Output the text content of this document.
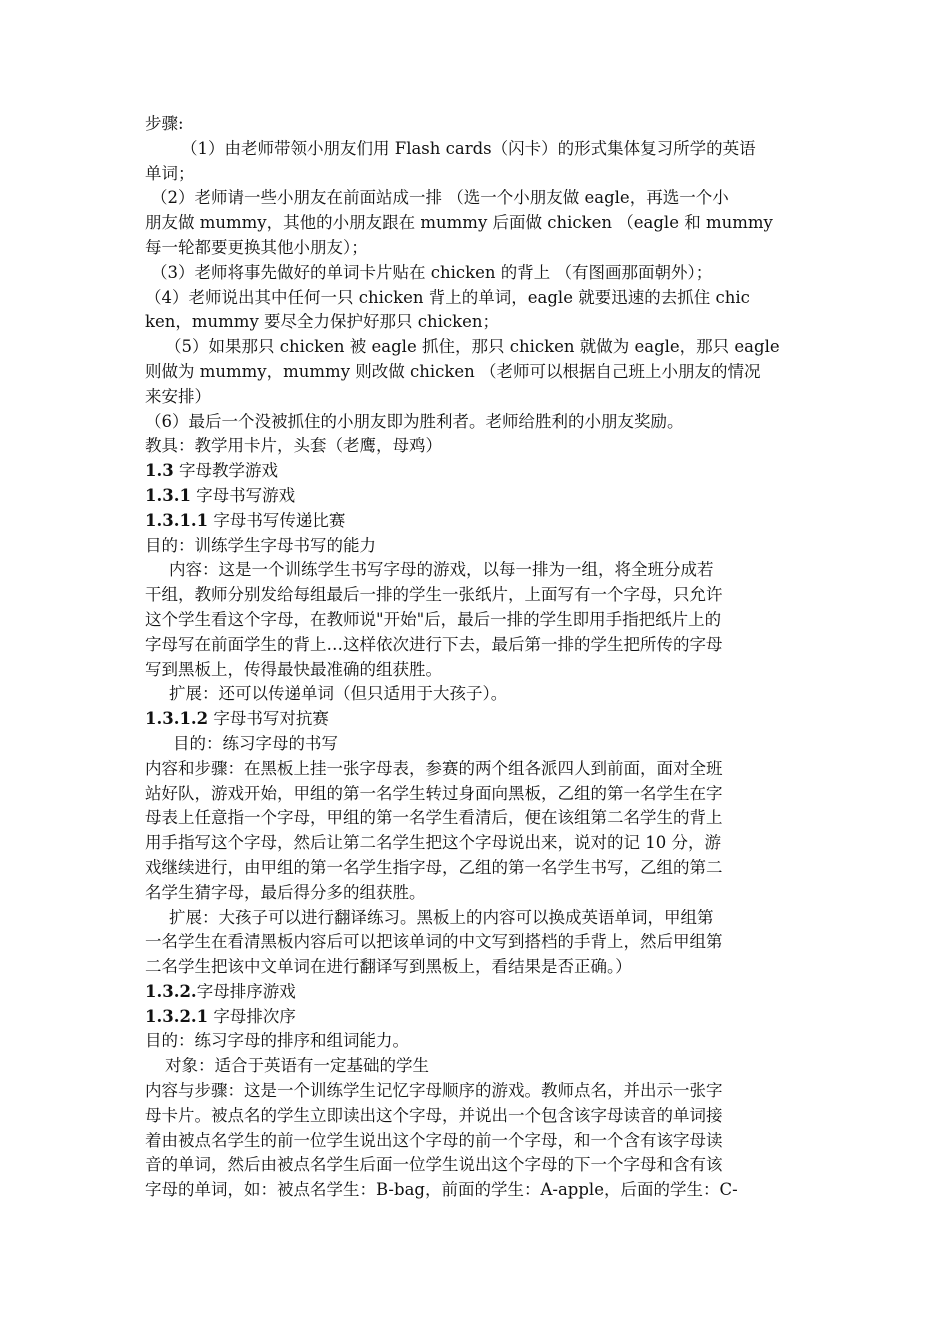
步骤:
（1）由老师带领小朋友们用 Flash cards（闪卡）的形式集体复习所学的英语
单词；
（2）老师请一些小朋友在前面站成一排 （选一个小朋友做 eagle，再选一个小
朋友做 mummy，其他的小朋友跟在 mummy 后面做 chicken （eagle 和 mummy
每一轮都要更换其他小朋友）；
（3）老师将事先做好的单词卡片贴在 chicken 的背上 （有图画那面朝外）；
（4）老师说出其中任何一只 chicken 背上的单词，eagle 就要迅速的去抓住 chic
ken，mummy 要尽全力保护好那只 chicken；
（5）如果那只 chicken 被 eagle 抓住，那只 chicken 就做为 eagle，那只 eagle
则做为 mummy，mummy 则改做 chicken （老师可以根据自己班上小朋友的情况
来安排）
（6）最后一个没被抓住的小朋友即为胜利者。老师给胜利的小朋友奖励。
教具：教学用卡片，头套（老鹰，母鸡）
1.3 字母教学游戏
1.3.1 字母书写游戏
1.3.1.1 字母书写传递比赛
目的：训练学生字母书写的能力
内容：这是一个训练学生书写字母的游戏，以每一排为一组，将全班分成若
干组，教师分别发给每组最后一排的学生一张纸片，上面写有一个字母，只允许
这个学生看这个字母，在教师说"开始"后，最后一排的学生即用手指把纸片上的
字母写在前面学生的背上…这样依次进行下去，最后第一排的学生把所传的字母
写到黑板上，传得最快最准确的组获胜。
扩展：还可以传递单词（但只适用于大孩子）。
1.3.1.2 字母书写对抗赛
目的：练习字母的书写
内容和步骤：在黑板上挂一张字母表，参赛的两个组各派四人到前面，面对全班
站好队，游戏开始，甲组的第一名学生转过身面向黑板，乙组的第一名学生在字
母表上任意指一个字母，甲组的第一名学生看清后，便在该组第二名学生的背上
用手指写这个字母，然后让第二名学生把这个字母说出来，说对的记 10 分，游
戏继续进行，由甲组的第一名学生指字母，乙组的第一名学生书写，乙组的第二
名学生猜字母，最后得分多的组获胜。
扩展：大孩子可以进行翻译练习。黑板上的内容可以换成英语单词，甲组第
一名学生在看清黑板内容后可以把该单词的中文写到搭档的手背上，然后甲组第
二名学生把该中文单词在进行翻译写到黑板上，看结果是否正确。）
1.3.2.字母排序游戏
1.3.2.1 字母排次序
目的：练习字母的排序和组词能力。
对象：适合于英语有一定基础的学生
内容与步骤：这是一个训练学生记忆字母顺序的游戏。教师点名，并出示一张字
母卡片。被点名的学生立即读出这个字母，并说出一个包含该字母读音的单词接
着由被点名学生的前一位学生说出这个字母的前一个字母，和一个含有该字母读
音的单词，然后由被点名学生后面一位学生说出这个字母的下一个字母和含有该
字母的单词，如：被点名学生：B-bag，前面的学生：A-apple，后面的学生：C-
